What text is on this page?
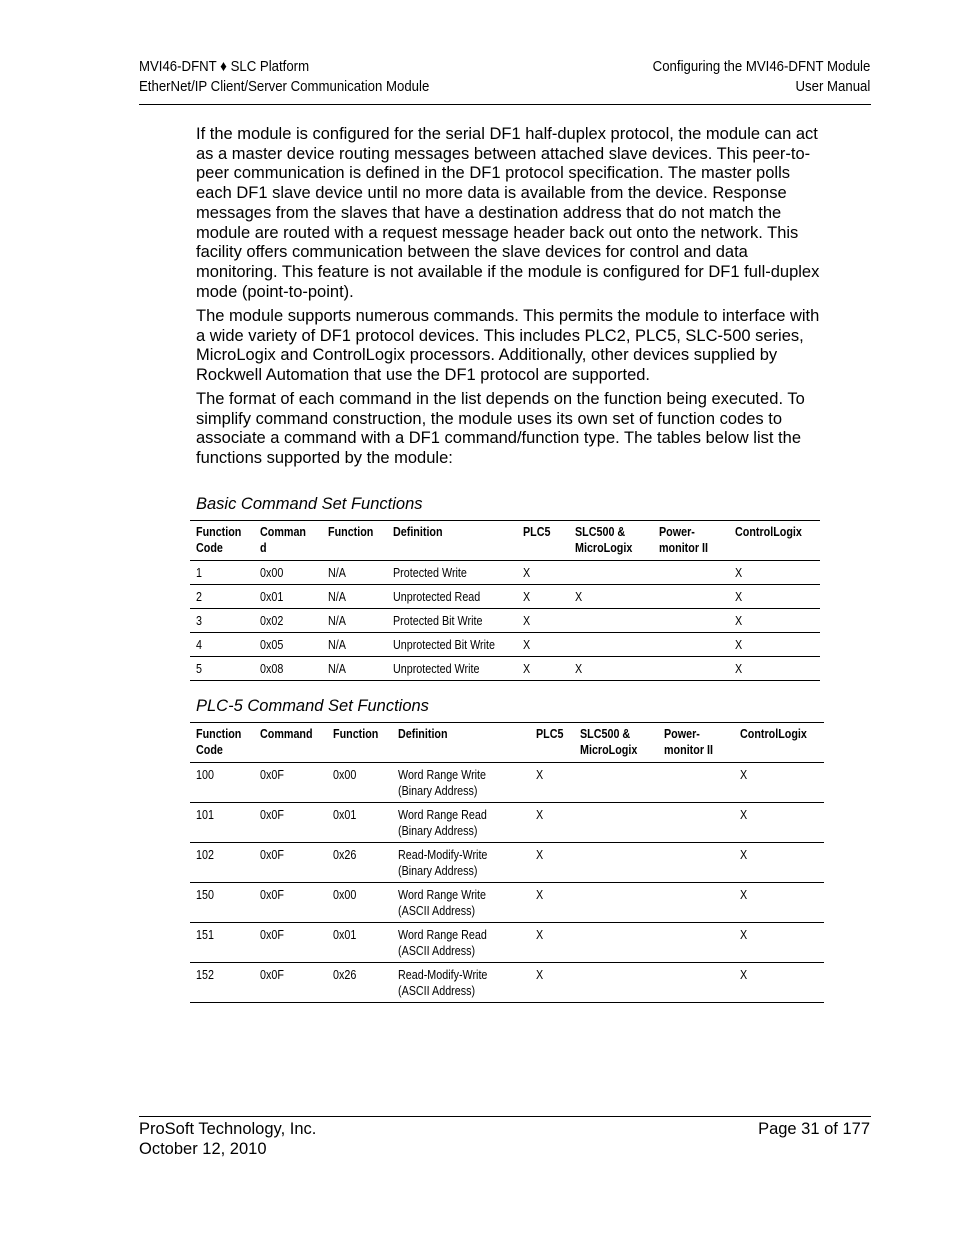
MVI46-DFNT ♦ SLC Platform
EtherNet/IP Client/Server Communication Module
Configuring the MVI46-DFNT Module
User Manual

If the module is configured for the serial DF1 half-duplex protocol, the module can act as a master device routing messages between attached slave devices. This peer-to-peer communication is defined in the DF1 protocol specification. The master polls each DF1 slave device until no more data is available from the device. Response messages from the slaves that have a destination address that do not match the module are routed with a request message header back out onto the network. This facility offers communication between the slave devices for control and data monitoring. This feature is not available if the module is configured for DF1 full-duplex mode (point-to-point).

The module supports numerous commands. This permits the module to interface with a wide variety of DF1 protocol devices. This includes PLC2, PLC5, SLC-500 series, MicroLogix and ControlLogix processors. Additionally, other devices supplied by Rockwell Automation that use the DF1 protocol are supported.

The format of each command in the list depends on the function being executed. To simplify command construction, the module uses its own set of function codes to associate a command with a DF1 command/function type. The tables below list the functions supported by the module:

Basic Command Set Functions
Function Code	Command	Function	Definition	PLC5	SLC500 & MicroLogix	Power-monitor II	ControlLogix
1	0x00	N/A	Protected Write	X			X
2	0x01	N/A	Unprotected Read	X	X		X
3	0x02	N/A	Protected Bit Write	X			X
4	0x05	N/A	Unprotected Bit Write	X			X
5	0x08	N/A	Unprotected Write	X	X		X
PLC-5 Command Set Functions
Function Code	Command	Function	Definition	PLC5	SLC500 & MicroLogix	Power-monitor II	ControlLogix
100	0x0F	0x00	Word Range Write (Binary Address)	X			X
101	0x0F	0x01	Word Range Read (Binary Address)	X			X
102	0x0F	0x26	Read-Modify-Write (Binary Address)	X			X
150	0x0F	0x00	Word Range Write (ASCII Address)	X			X
151	0x0F	0x01	Word Range Read (ASCII Address)	X			X
152	0x0F	0x26	Read-Modify-Write (ASCII Address)	X			X
ProSoft Technology, Inc.
October 12, 2010
Page 31 of 177
